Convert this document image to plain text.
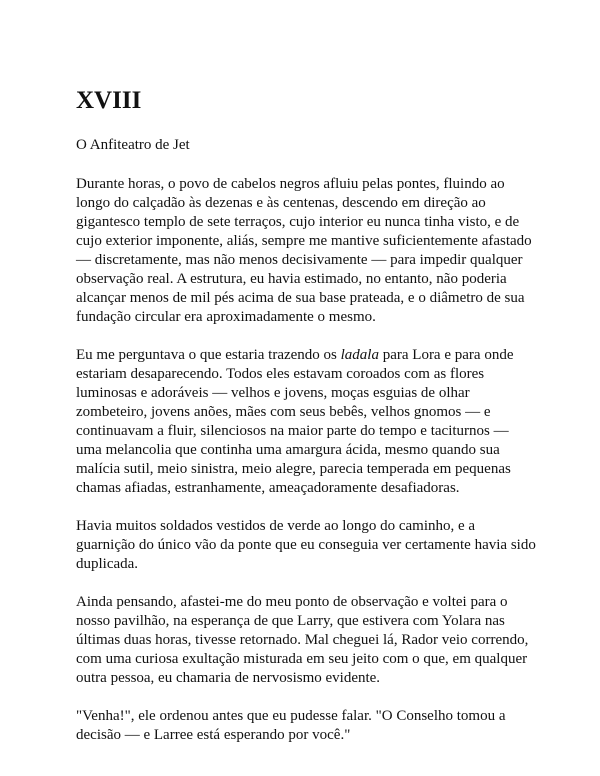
XVIII

O Anfiteatro de Jet

Durante horas, o povo de cabelos negros afluiu pelas pontes, fluindo ao longo do calçadão às dezenas e às centenas, descendo em direção ao gigantesco templo de sete terraços, cujo interior eu nunca tinha visto, e de cujo exterior imponente, aliás, sempre me mantive suficientemente afastado — discretamente, mas não menos decisivamente — para impedir qualquer observação real. A estrutura, eu havia estimado, no entanto, não poderia alcançar menos de mil pés acima de sua base prateada, e o diâmetro de sua fundação circular era aproximadamente o mesmo.

Eu me perguntava o que estaria trazendo os ladala para Lora e para onde estariam desaparecendo. Todos eles estavam coroados com as flores luminosas e adoráveis — velhos e jovens, moças esguias de olhar zombeteiro, jovens anões, mães com seus bebês, velhos gnomos — e continuavam a fluir, silenciosos na maior parte do tempo e taciturnos — uma melancolia que continha uma amargura ácida, mesmo quando sua malícia sutil, meio sinistra, meio alegre, parecia temperada em pequenas chamas afiadas, estranhamente, ameaçadoramente desafiadoras.

Havia muitos soldados vestidos de verde ao longo do caminho, e a guarnição do único vão da ponte que eu conseguia ver certamente havia sido duplicada.

Ainda pensando, afastei-me do meu ponto de observação e voltei para o nosso pavilhão, na esperança de que Larry, que estivera com Yolara nas últimas duas horas, tivesse retornado. Mal cheguei lá, Rador veio correndo, com uma curiosa exultação misturada em seu jeito com o que, em qualquer outra pessoa, eu chamaria de nervosismo evidente.

"Venha!", ele ordenou antes que eu pudesse falar. "O Conselho tomou a decisão — e Larree está esperando por você."
